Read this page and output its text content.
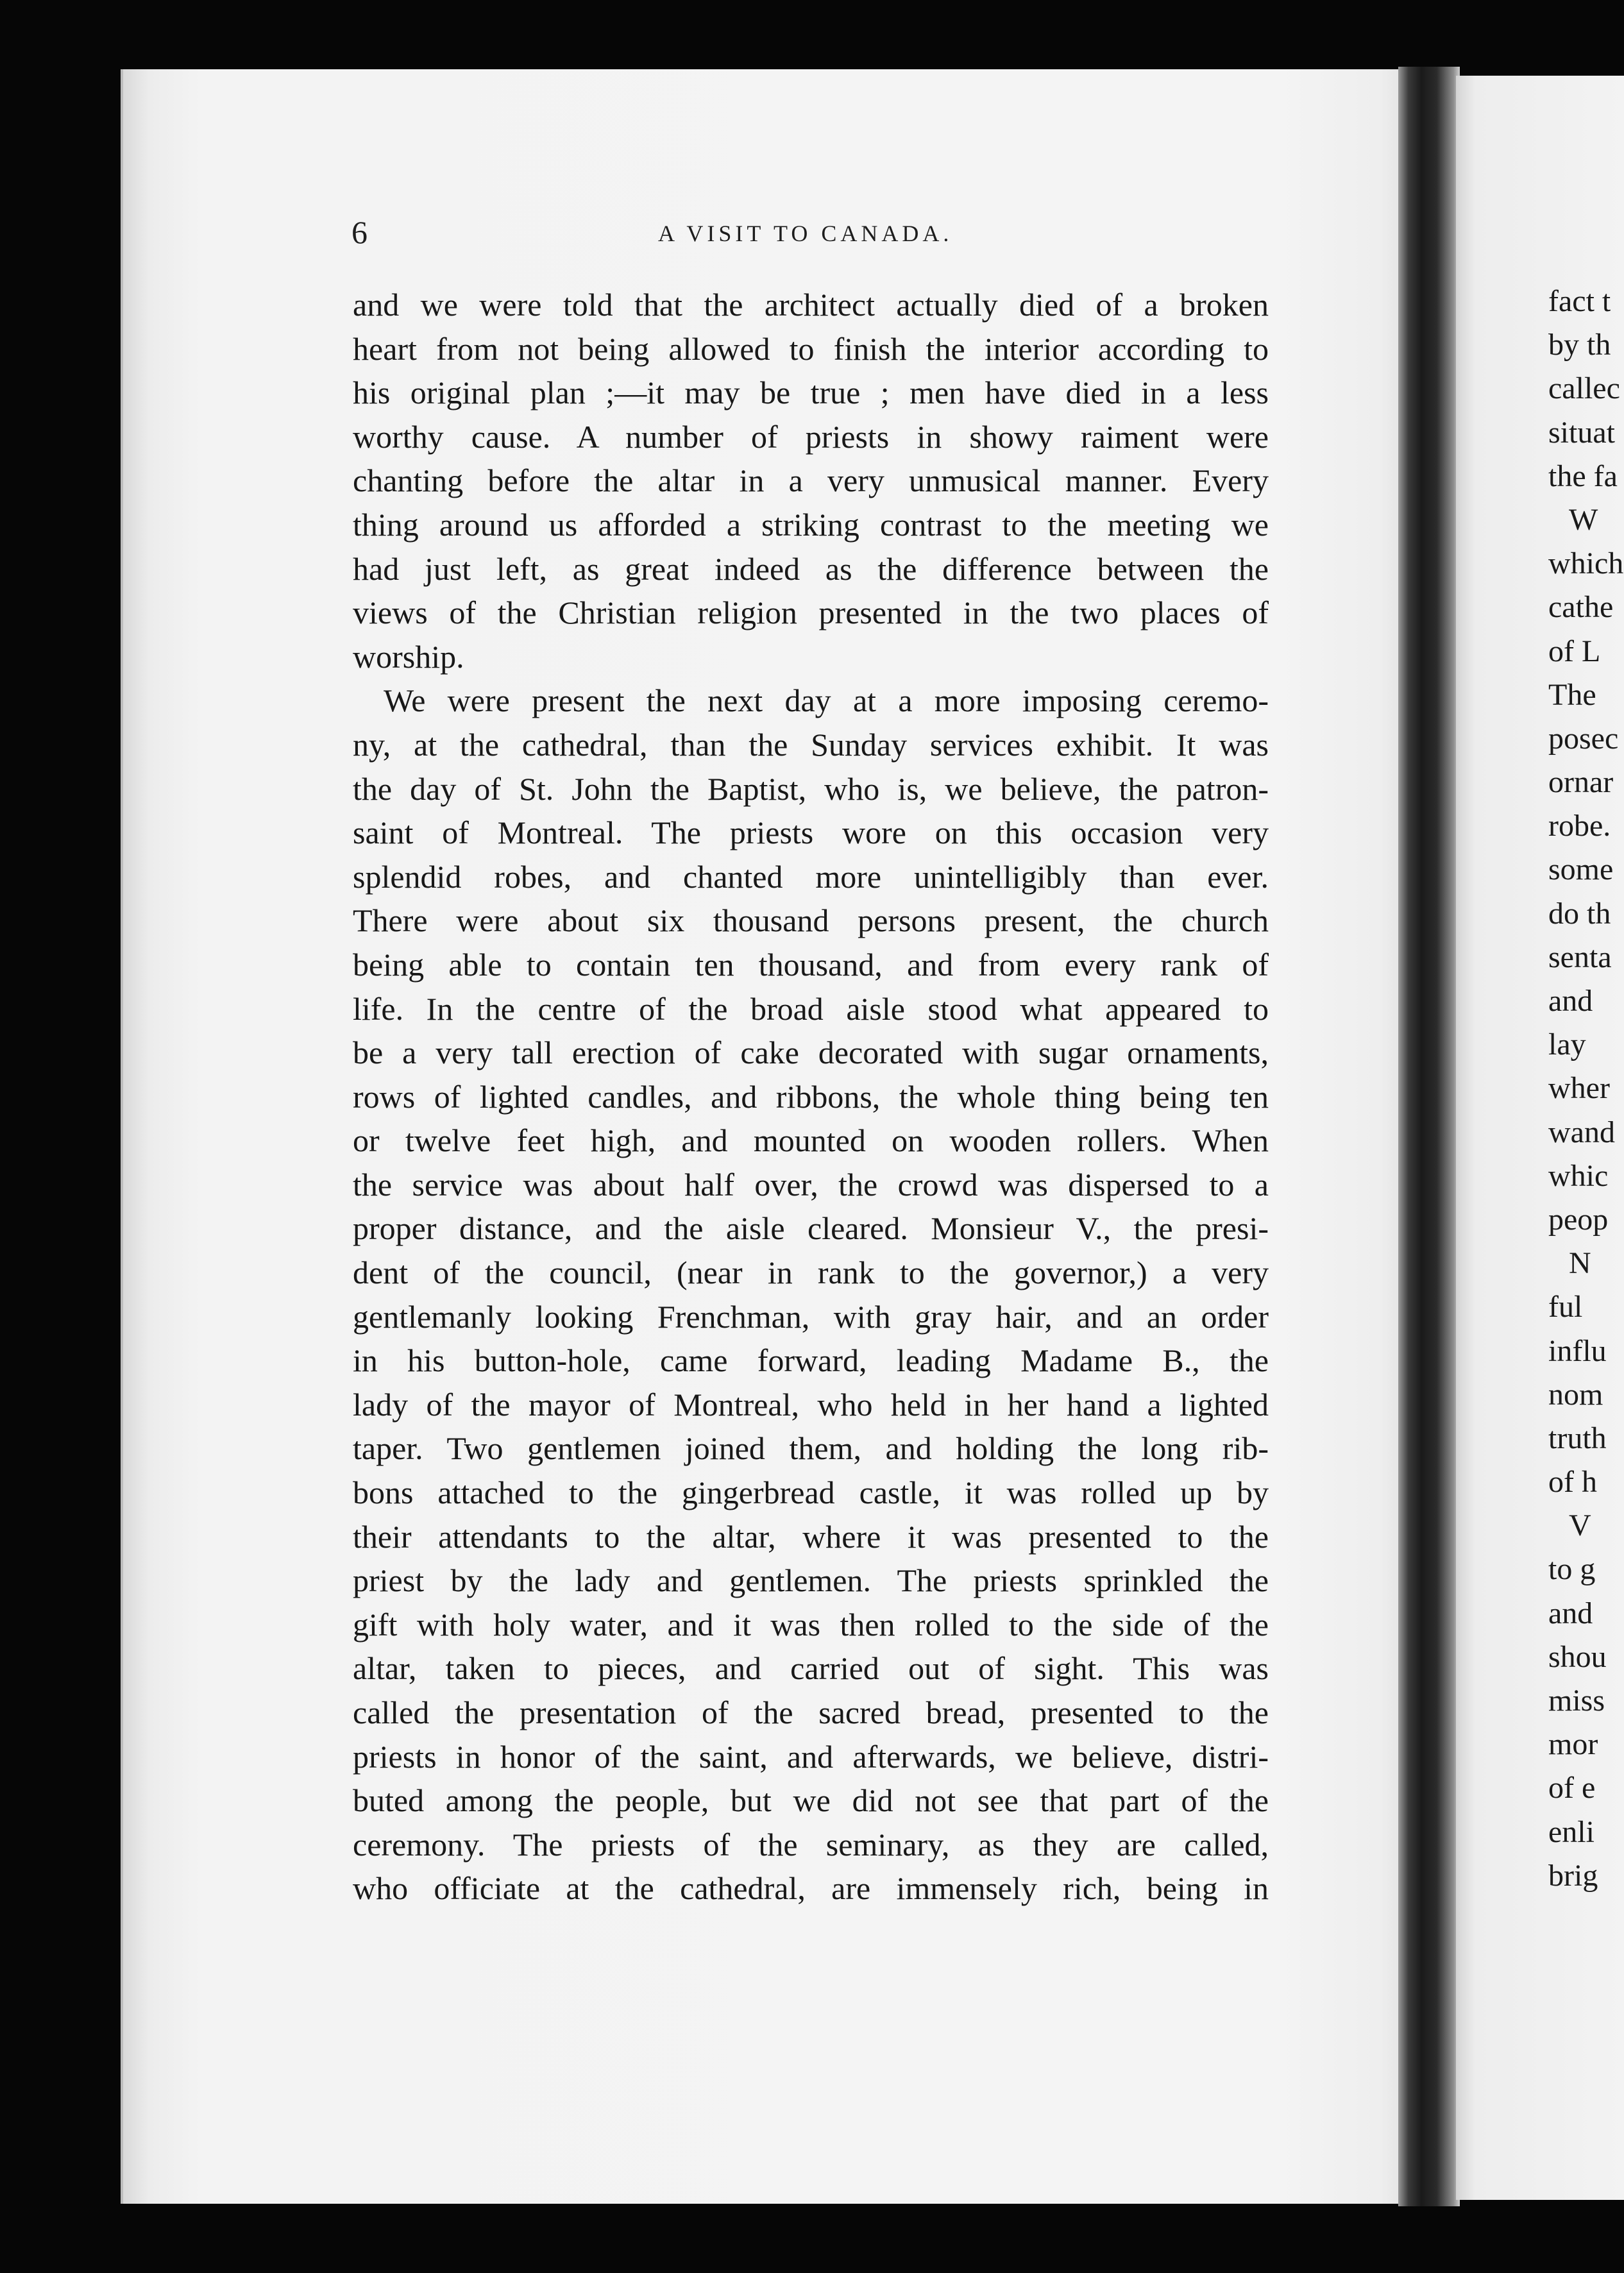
6	A VISIT TO CANADA.
and we were told that the architect actually died of a broken
heart from not being allowed to finish the interior according to
his original plan ;—it may be true ; men have died in a less
worthy cause. A number of priests in showy raiment were
chanting before the altar in a very unmusical manner. Every
thing around us afforded a striking contrast to the meeting we
had just left, as great indeed as the difference between the
views of the Christian religion presented in the two places of
worship.
We were present the next day at a more imposing ceremo-
ny, at the cathedral, than the Sunday services exhibit. It was
the day of St. John the Baptist, who is, we believe, the patron-
saint of Montreal. The priests wore on this occasion very
splendid robes, and chanted more unintelligibly than ever.
There were about six thousand persons present, the church
being able to contain ten thousand, and from every rank of
life. In the centre of the broad aisle stood what appeared to
be a very tall erection of cake decorated with sugar ornaments,
rows of lighted candles, and ribbons, the whole thing being ten
or twelve feet high, and mounted on wooden rollers. When
the service was about half over, the crowd was dispersed to a
proper distance, and the aisle cleared. Monsieur V., the presi-
dent of the council, (near in rank to the governor,) a very
gentlemanly looking Frenchman, with gray hair, and an order
in his button-hole, came forward, leading Madame B., the
lady of the mayor of Montreal, who held in her hand a lighted
taper. Two gentlemen joined them, and holding the long rib-
bons attached to the gingerbread castle, it was rolled up by
their attendants to the altar, where it was presented to the
priest by the lady and gentlemen. The priests sprinkled the
gift with holy water, and it was then rolled to the side of the
altar, taken to pieces, and carried out of sight. This was
called the presentation of the sacred bread, presented to the
priests in honor of the saint, and afterwards, we believe, distri-
buted among the people, but we did not see that part of the
ceremony. The priests of the seminary, as they are called,
who officiate at the cathedral, are immensely rich, being in
fact t
by th
callec
situat
the fa
W
which
cathe
of L
The
posec
ornar
robe.
some
do th
senta
and
lay
wher
wand
whic
peop
N
ful
influ
nom
truth
of h
V
to g
and
shou
miss
mor
of e
enli
brig
